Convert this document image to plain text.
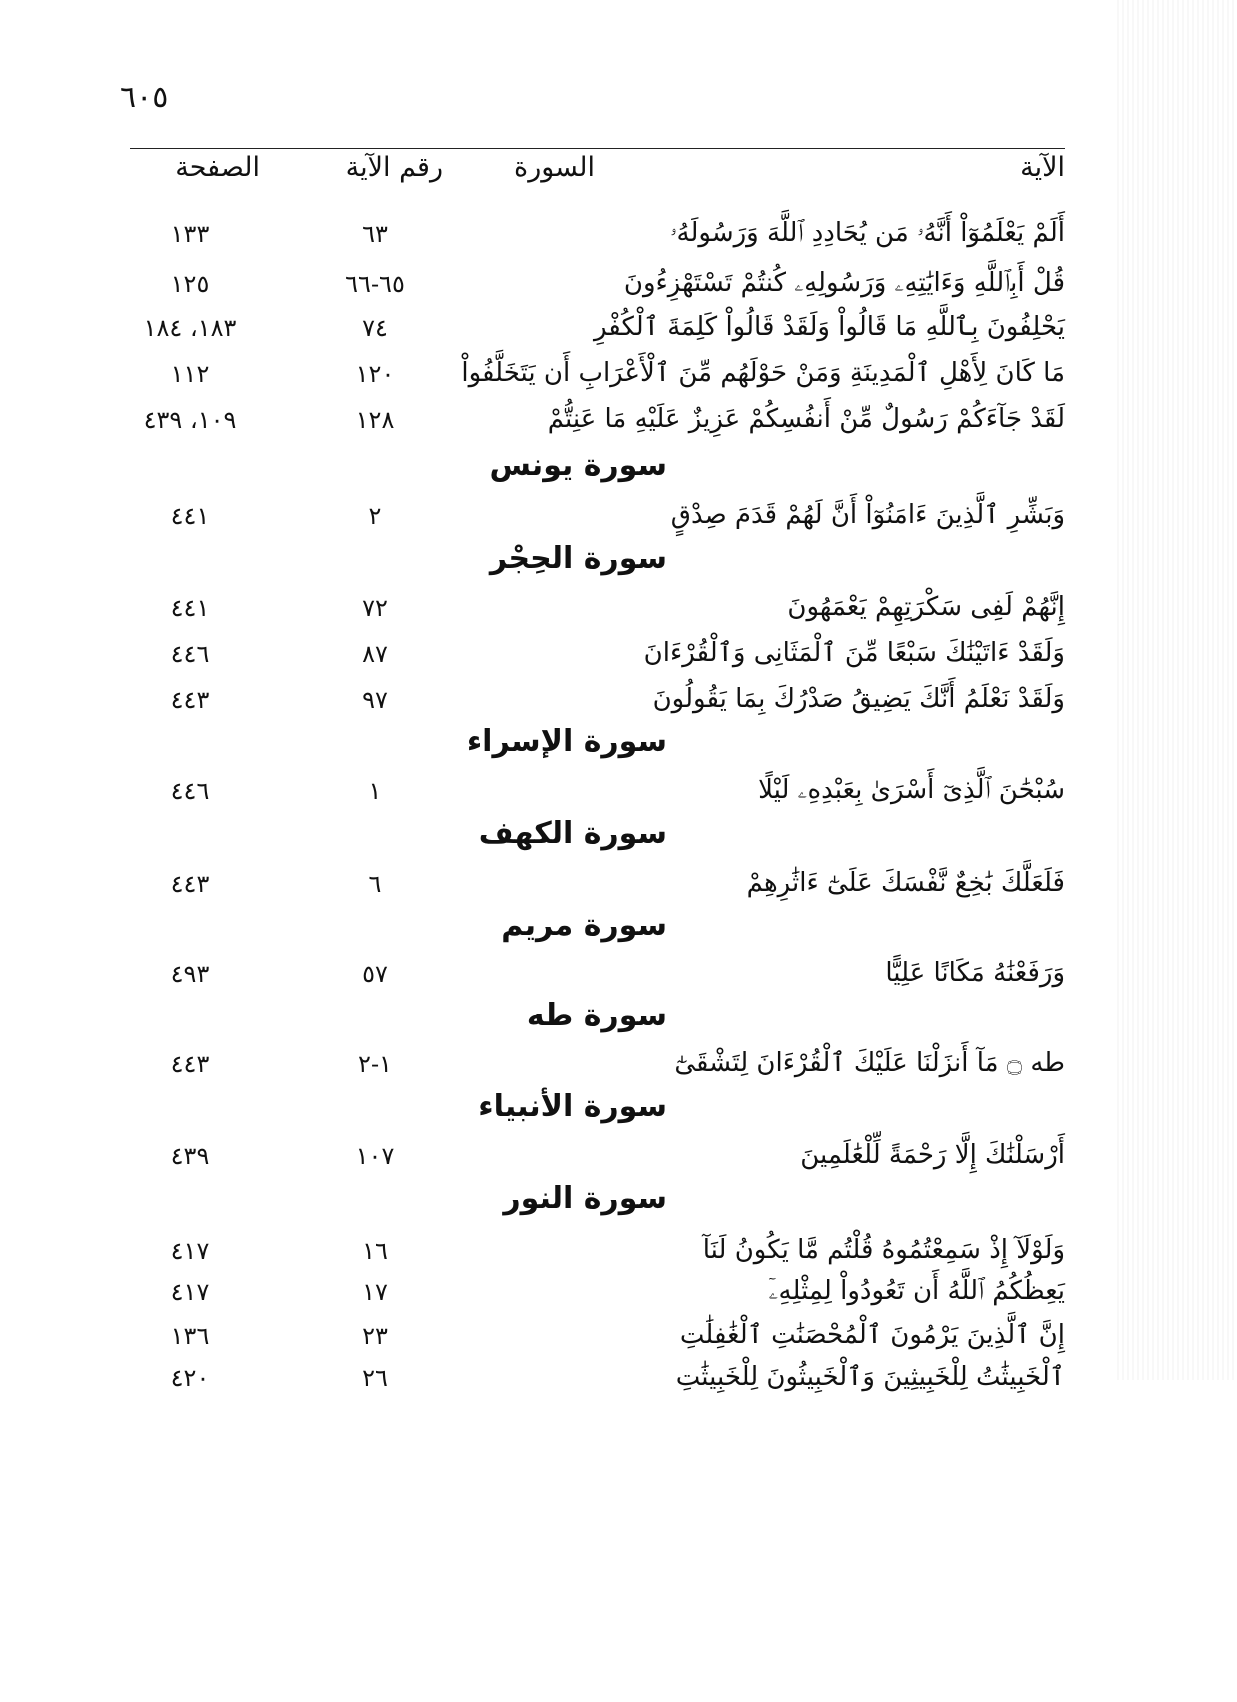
٦٠٥
الآية
السورة
رقم الآية
الصفحة
أَلَمْ يَعْلَمُوٓاْ أَنَّهُۥ مَن يُحَادِدِ ٱللَّهَ وَرَسُولَهُۥ
٦٣
١٣٣
قُلْ أَبِٱللَّهِ وَءَايَٰتِهِۦ وَرَسُولِهِۦ كُنتُمْ تَسْتَهْزِءُونَ
٦٥-٦٦
١٢٥
يَحْلِفُونَ بِٱللَّهِ مَا قَالُواْ وَلَقَدْ قَالُواْ كَلِمَةَ ٱلْكُفْرِ
٧٤
١٨٣، ١٨٤
مَا كَانَ لِأَهْلِ ٱلْمَدِينَةِ وَمَنْ حَوْلَهُم مِّنَ ٱلْأَعْرَابِ أَن يَتَخَلَّفُواْ
١٢٠
١١٢
لَقَدْ جَآءَكُمْ رَسُولٌ مِّنْ أَنفُسِكُمْ عَزِيزٌ عَلَيْهِ مَا عَنِتُّمْ
١٢٨
١٠٩، ٤٣٩
سورة يونس
وَبَشِّرِ ٱلَّذِينَ ءَامَنُوٓاْ أَنَّ لَهُمْ قَدَمَ صِدْقٍ
٢
٤٤١
سورة الحِجْر
إِنَّهُمْ لَفِى سَكْرَتِهِمْ يَعْمَهُونَ
٧٢
٤٤١
وَلَقَدْ ءَاتَيْنَٰكَ سَبْعًا مِّنَ ٱلْمَثَانِى وَٱلْقُرْءَانَ
٨٧
٤٤٦
وَلَقَدْ نَعْلَمُ أَنَّكَ يَضِيقُ صَدْرُكَ بِمَا يَقُولُونَ
٩٧
٤٤٣
سورة الإسراء
سُبْحَٰنَ ٱلَّذِىٓ أَسْرَىٰ بِعَبْدِهِۦ لَيْلًا
١
٤٤٦
سورة الكهف
فَلَعَلَّكَ بَٰخِعٌ نَّفْسَكَ عَلَىٰٓ ءَاثَٰرِهِمْ
٦
٤٤٣
سورة مريم
وَرَفَعْنَٰهُ مَكَانًا عَلِيًّا
٥٧
٤٩٣
سورة طه
طه ۝ مَآ أَنزَلْنَا عَلَيْكَ ٱلْقُرْءَانَ لِتَشْقَىٰٓ
١-٢
٤٤٣
سورة الأنبياء
أَرْسَلْنَٰكَ إِلَّا رَحْمَةً لِّلْعَٰلَمِينَ
١٠٧
٤٣٩
سورة النور
وَلَوْلَآ إِذْ سَمِعْتُمُوهُ قُلْتُم مَّا يَكُونُ لَنَآ
١٦
٤١٧
يَعِظُكُمُ ٱللَّهُ أَن تَعُودُواْ لِمِثْلِهِۦٓ
١٧
٤١٧
إِنَّ ٱلَّذِينَ يَرْمُونَ ٱلْمُحْصَنَٰتِ ٱلْغَٰفِلَٰتِ
٢٣
١٣٦
ٱلْخَبِيثَٰتُ لِلْخَبِيثِينَ وَٱلْخَبِيثُونَ لِلْخَبِيثَٰتِ
٢٦
٤٢٠
